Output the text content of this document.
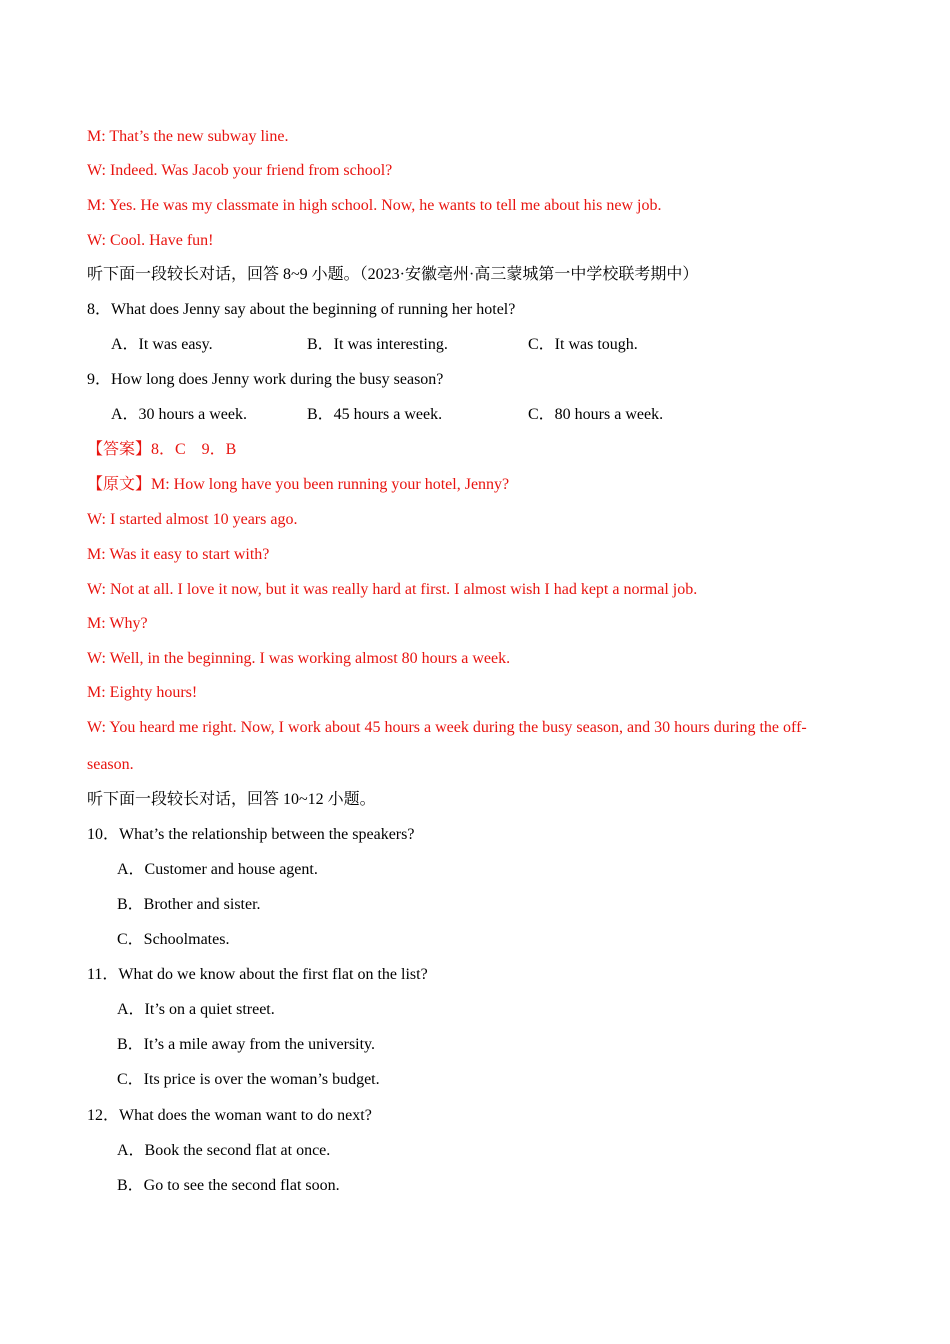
M: That’s the new subway line.
W: Indeed. Was Jacob your friend from school?
M: Yes. He was my classmate in high school. Now, he wants to tell me about his new job.
W: Cool. Have fun!
听下面一段较长对话，回答 8~9 小题。（2023·安徽亳州·高三蒙城第一中学校联考期中）
8．What does Jenny say about the beginning of running her hotel?
A．It was easy.	B．It was interesting.	C．It was tough.
9．How long does Jenny work during the busy season?
A．30 hours a week.	B．45 hours a week.	C．80 hours a week.
【答案】8．C　9．B
【原文】M: How long have you been running your hotel, Jenny?
W: I started almost 10 years ago.
M: Was it easy to start with?
W: Not at all. I love it now, but it was really hard at first. I almost wish I had kept a normal job.
M: Why?
W: Well, in the beginning. I was working almost 80 hours a week.
M: Eighty hours!
W: You heard me right. Now, I work about 45 hours a week during the busy season, and 30 hours during the off-
season.
听下面一段较长对话，回答 10~12 小题。
10．What’s the relationship between the speakers?
A．Customer and house agent.
B．Brother and sister.
C．Schoolmates.
11．What do we know about the first flat on the list?
A．It’s on a quiet street.
B．It’s a mile away from the university.
C．Its price is over the woman’s budget.
12．What does the woman want to do next?
A．Book the second flat at once.
B．Go to see the second flat soon.
